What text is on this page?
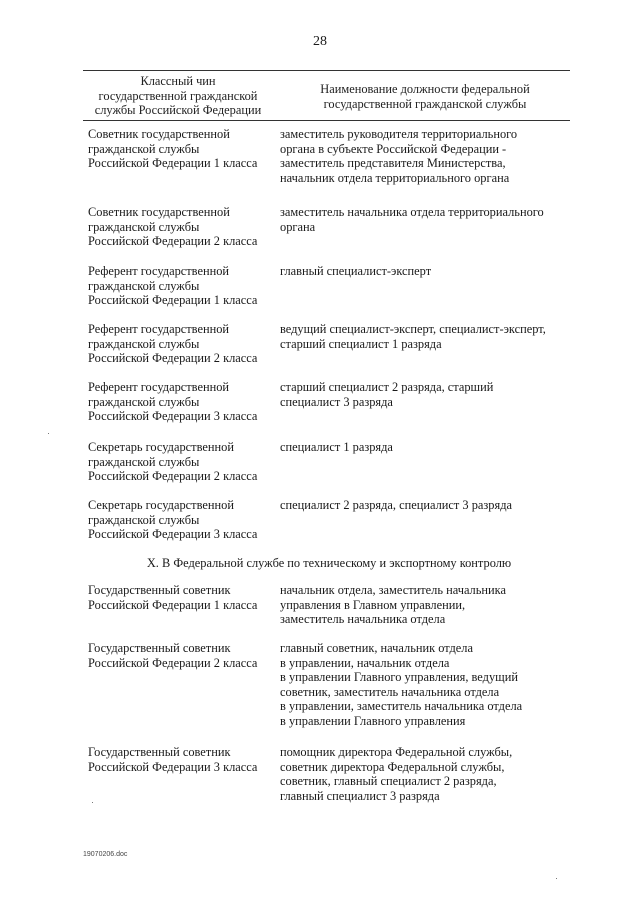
28
Классный чин
государственной гражданской
службы Российской Федерации
Наименование должности федеральной
государственной гражданской службы
Советник государственной
гражданской службы
Российской Федерации 1 класса
заместитель руководителя территориального
органа в субъекте Российской Федерации -
заместитель представителя Министерства,
начальник отдела территориального органа
Советник государственной
гражданской службы
Российской Федерации 2 класса
заместитель начальника отдела территориального
органа
Референт государственной
гражданской службы
Российской Федерации 1 класса
главный специалист-эксперт
Референт государственной
гражданской службы
Российской Федерации 2 класса
ведущий специалист-эксперт, специалист-эксперт,
старший специалист 1 разряда
Референт государственной
гражданской службы
Российской Федерации 3 класса
старший специалист 2 разряда, старший
специалист 3 разряда
Секретарь государственной
гражданской службы
Российской Федерации 2 класса
специалист 1 разряда
Секретарь государственной
гражданской службы
Российской Федерации 3 класса
специалист 2 разряда, специалист 3 разряда
X. В Федеральной службе по техническому и экспортному контролю
Государственный советник
Российской Федерации 1 класса
начальник отдела, заместитель начальника
управления в Главном управлении,
заместитель начальника отдела
Государственный советник
Российской Федерации 2 класса
главный советник, начальник отдела
в управлении, начальник отдела
в управлении Главного управления, ведущий
советник, заместитель начальника отдела
в управлении, заместитель начальника отдела
в управлении Главного управления
Государственный советник
Российской Федерации 3 класса
помощник директора Федеральной службы,
советник директора Федеральной службы,
советник, главный специалист 2 разряда,
главный специалист 3 разряда
19070206.doc
